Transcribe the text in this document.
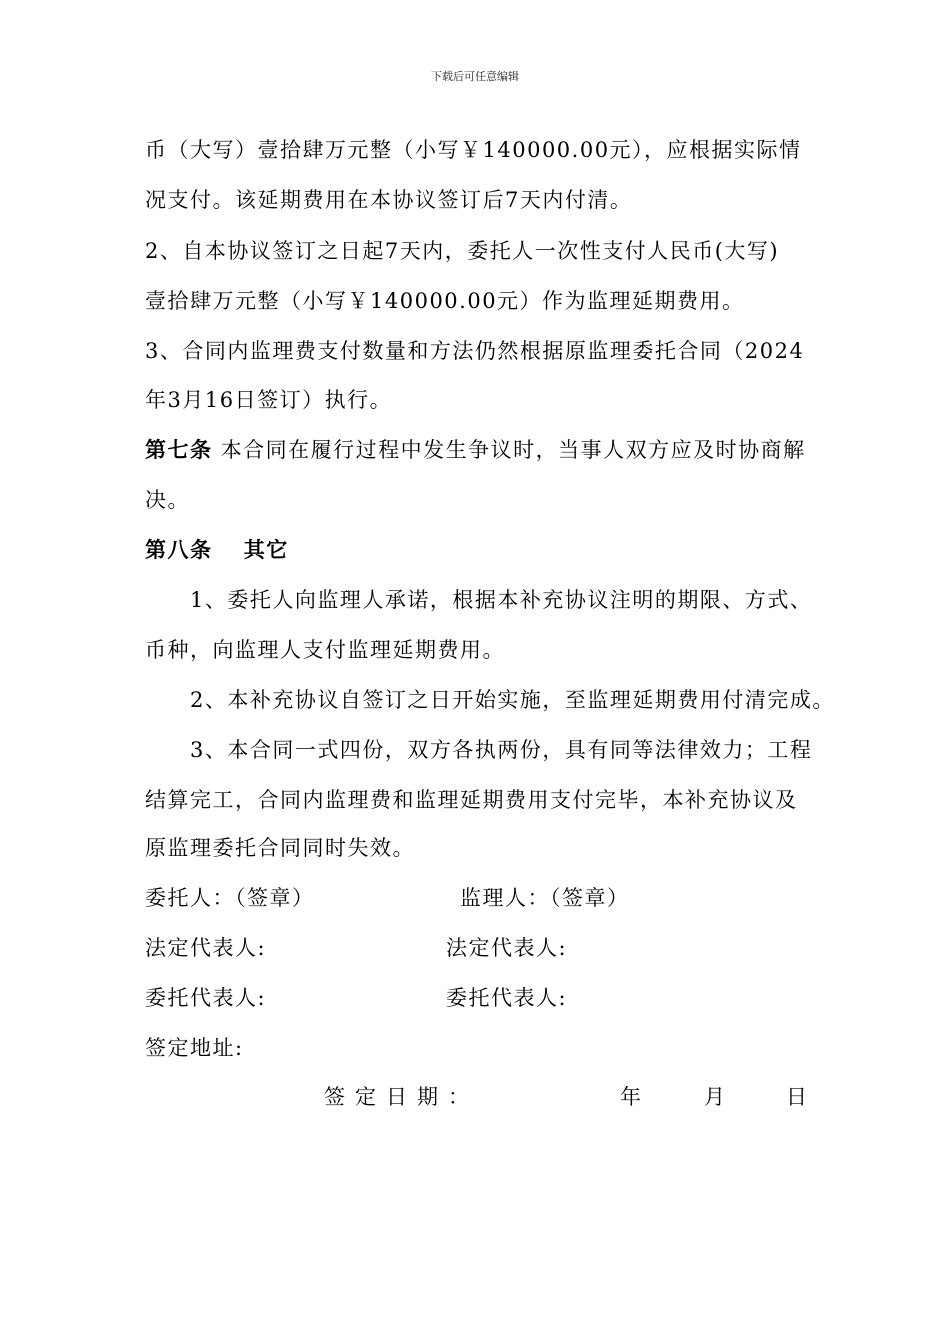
下载后可任意编辑
币（大写）壹拾肆万元整（小写￥140000.00元），应根据实际情
况支付。该延期费用在本协议签订后7天内付清。
2、自本协议签订之日起7天内，委托人一次性支付人民币(大写)
壹拾肆万元整（小写￥140000.00元）作为监理延期费用。
3、合同内监理费支付数量和方法仍然根据原监理委托合同（2024
年3月16日签订）执行。
第七条 本合同在履行过程中发生争议时，当事人双方应及时协商解
决。
第八条　 其它
1、委托人向监理人承诺，根据本补充协议注明的期限、方式、
币种，向监理人支付监理延期费用。
2、本补充协议自签订之日开始实施，至监理延期费用付清完成。
3、本合同一式四份，双方各执两份，具有同等法律效力；工程
结算完工，合同内监理费和监理延期费用支付完毕，本补充协议及
原监理委托合同同时失效。
委托人：（签章）	监理人：（签章）
法定代表人:	法定代表人:
委托代表人:	委托代表人:
签定地址:
签定日期：	年	月	日
